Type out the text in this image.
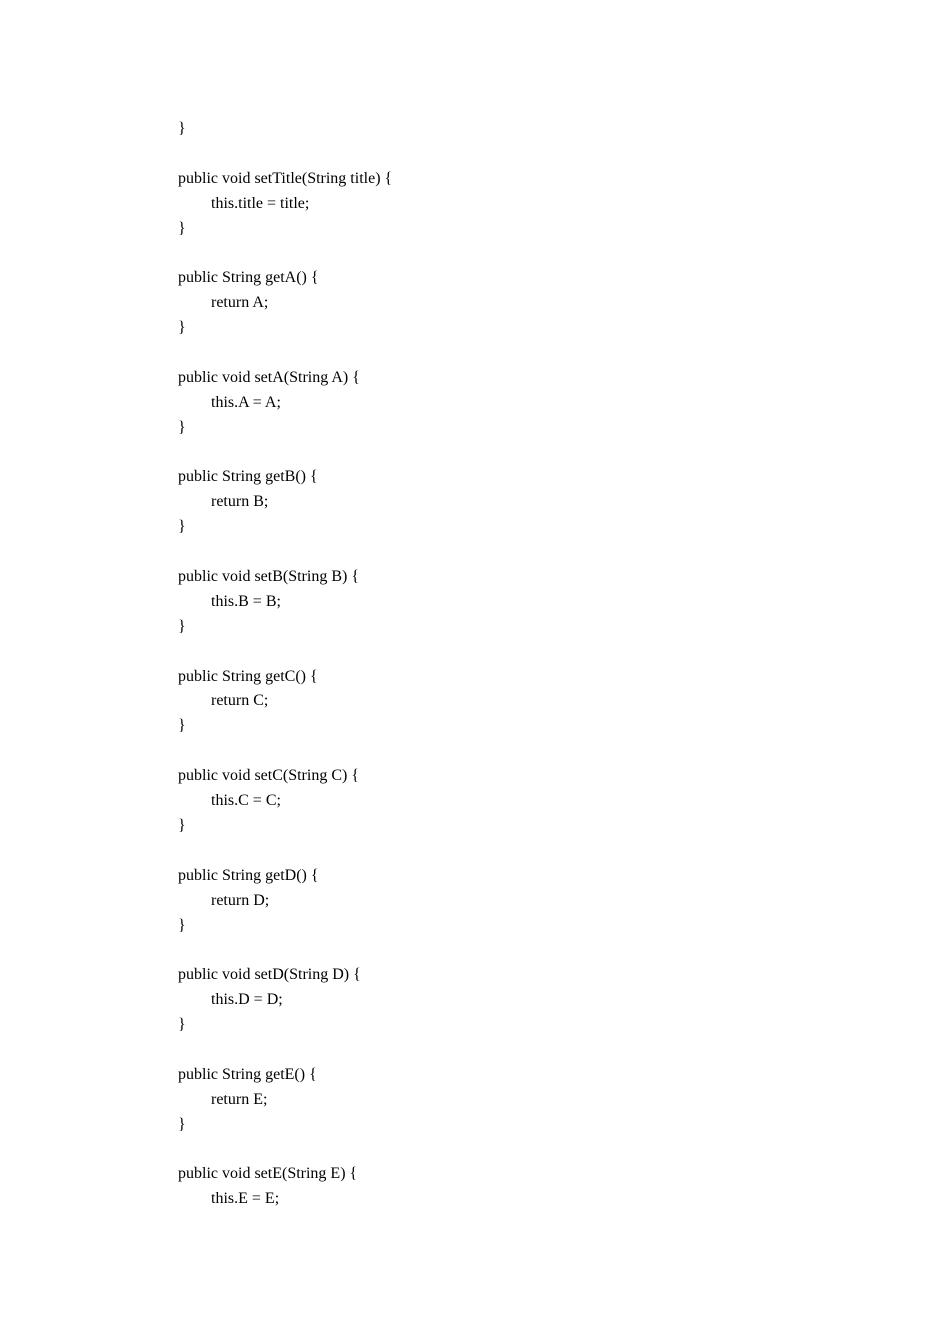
}
public void setTitle(String title) {
this.title = title;
}
public String getA() {
return A;
}
public void setA(String A) {
this.A = A;
}
public String getB() {
return B;
}
public void setB(String B) {
this.B = B;
}
public String getC() {
return C;
}
public void setC(String C) {
this.C = C;
}
public String getD() {
return D;
}
public void setD(String D) {
this.D = D;
}
public String getE() {
return E;
}
public void setE(String E) {
this.E = E;
